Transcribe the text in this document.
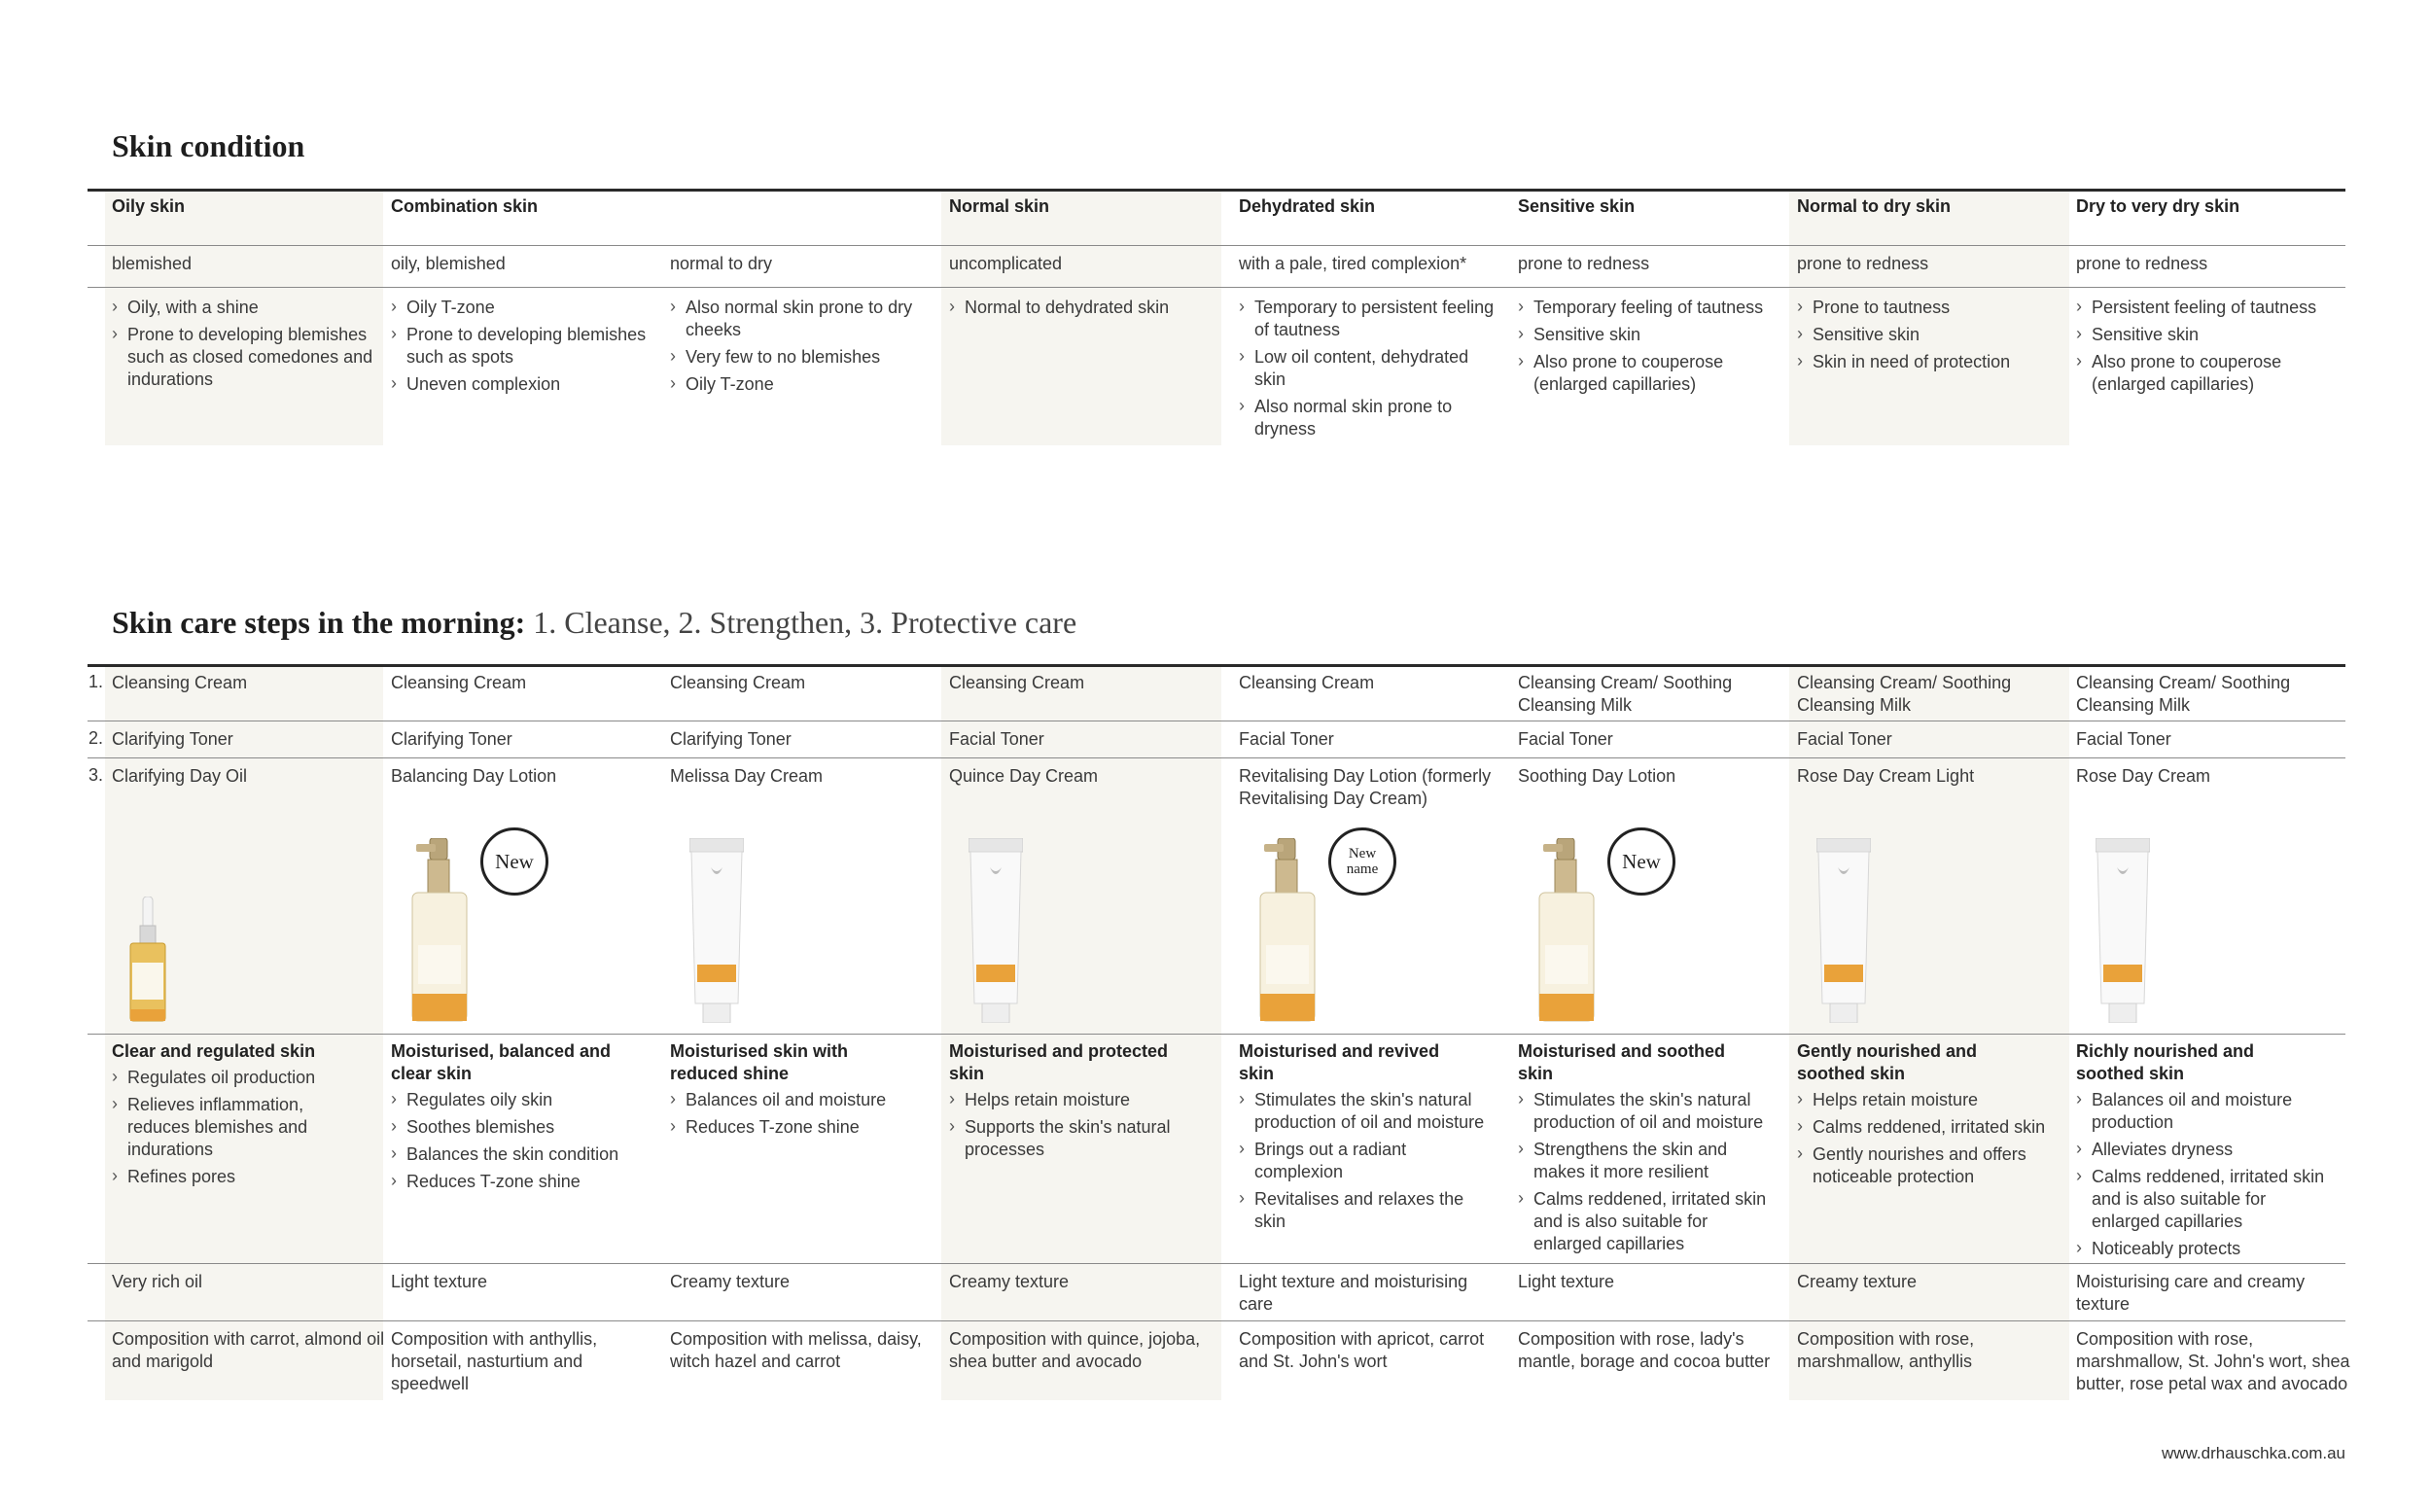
Skin condition
Oily skin
blemished
› Oily, with a shine
› Prone to developing blemishes such as closed comedones and indurations
Combination skin
oily, blemished
› Oily T-zone
› Prone to developing blemishes such as spots
› Uneven complexion
normal to dry
› Also normal skin prone to dry cheeks
› Very few to no blemishes
› Oily T-zone
Normal skin
uncomplicated
› Normal to dehydrated skin
Dehydrated skin
with a pale, tired complexion*
› Temporary to persistent feeling of tautness
› Low oil content, dehydrated skin
› Also normal skin prone to dryness
Sensitive skin
prone to redness
› Temporary feeling of tautness
› Sensitive skin
› Also prone to couperose (enlarged capillaries)
Normal to dry skin
prone to redness
› Prone to tautness
› Sensitive skin
› Skin in need of protection
Dry to very dry skin
prone to redness
› Persistent feeling of tautness
› Sensitive skin
› Also prone to couperose (enlarged capillaries)
Skin care steps in the morning: 1. Cleanse, 2. Strengthen, 3. Protective care
1.
2.
3.
Cleansing Cream
Clarifying Toner
Clarifying Day Oil
Clear and regulated skin
› Regulates oil production
› Relieves inflammation, reduces blemishes and indurations
› Refines pores
Very rich oil
Composition with carrot, almond oil and marigold
Cleansing Cream
Clarifying Toner
Balancing Day Lotion
New
Moisturised, balanced and clear skin
› Regulates oily skin
› Soothes blemishes
› Balances the skin condition
› Reduces T-zone shine
Light texture
Composition with anthyllis, horsetail, nasturtium and speedwell
Cleansing Cream
Clarifying Toner
Melissa Day Cream
Moisturised skin with reduced shine
› Balances oil and moisture
› Reduces T-zone shine
Creamy texture
Composition with melissa, daisy, witch hazel and carrot
Cleansing Cream
Facial Toner
Quince Day Cream
Moisturised and protected skin
› Helps retain moisture
› Supports the skin's natural processes
Creamy texture
Composition with quince, jojoba, shea butter and avocado
Cleansing Cream
Facial Toner
Revitalising Day Lotion (formerly Revitalising Day Cream)
New name
Moisturised and revived skin
› Stimulates the skin's natural production of oil and moisture
› Brings out a radiant complexion
› Revitalises and relaxes the skin
Light texture and moisturising care
Composition with apricot, carrot and St. John's wort
Cleansing Cream/ Soothing Cleansing Milk
Facial Toner
Soothing Day Lotion
New
Moisturised and soothed skin
› Stimulates the skin's natural production of oil and moisture
› Strengthens the skin and makes it more resilient
› Calms reddened, irritated skin and is also suitable for enlarged capillaries
Light texture
Composition with rose, lady's mantle, borage and cocoa butter
Cleansing Cream/ Soothing Cleansing Milk
Facial Toner
Rose Day Cream Light
Gently nourished and soothed skin
› Helps retain moisture
› Calms reddened, irritated skin
› Gently nourishes and offers noticeable protection
Creamy texture
Composition with rose, marshmallow, anthyllis
Cleansing Cream/ Soothing Cleansing Milk
Facial Toner
Rose Day Cream
Richly nourished and soothed skin
› Balances oil and moisture production
› Alleviates dryness
› Calms reddened, irritated skin and is also suitable for enlarged capillaries
› Noticeably protects
Moisturising care and creamy texture
Composition with rose, marshmallow, St. John's wort, shea butter, rose petal wax and avocado
www.drhauschka.com.au
